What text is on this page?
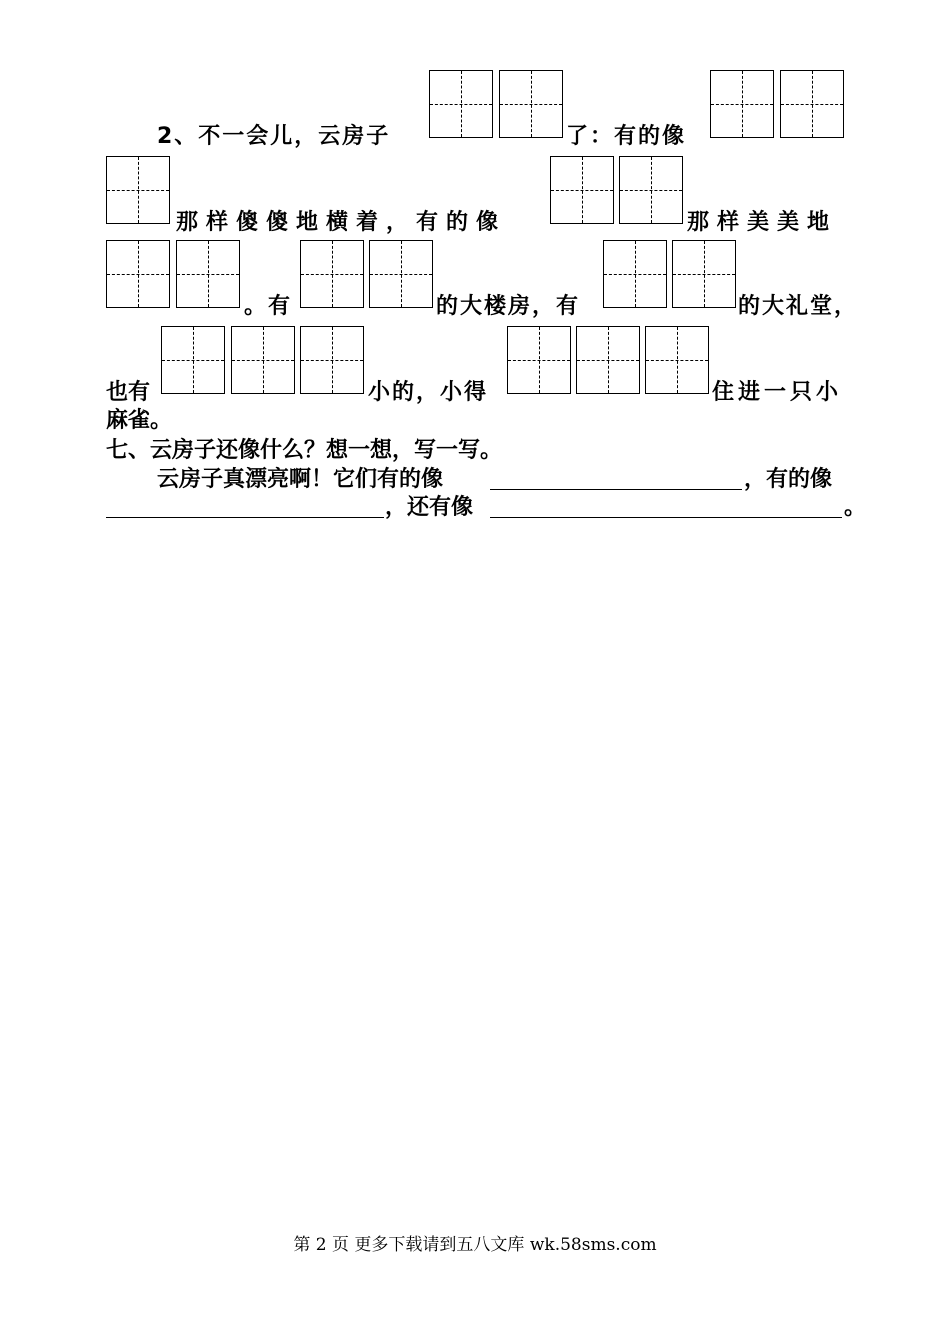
2、不一会儿，云房子	了：有的像
那样傻傻地横着，有的像	那样美美地
。有	的大楼房，有	的大礼堂，
也有	小的，小得	住进一只小
麻雀。
七、云房子还像什么？想一想，写一写。
云房子真漂亮啊！它们有的像	，有的像
，还有像	。
第 2 页 更多下载请到五八文库 wk.58sms.com
